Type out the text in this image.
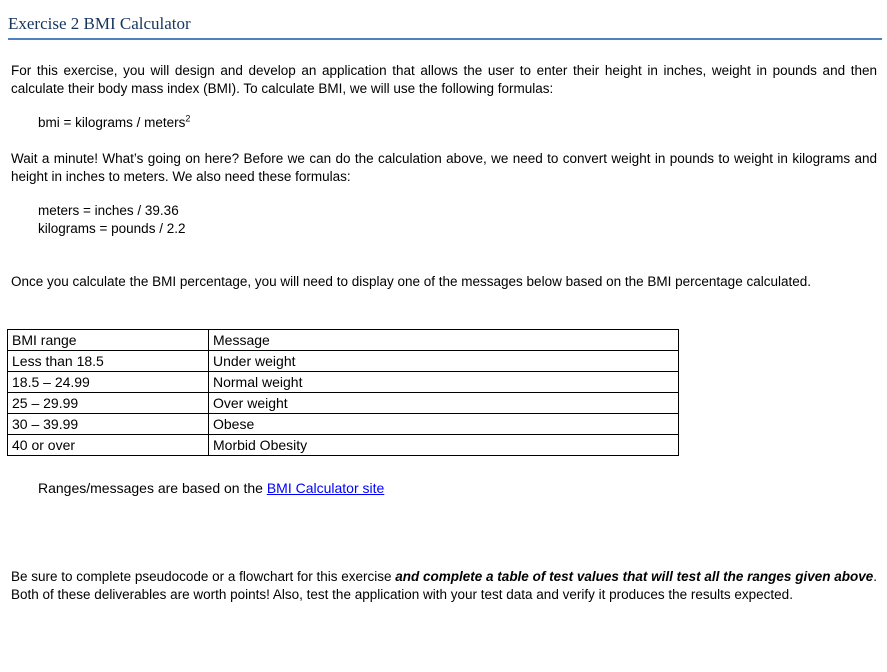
Exercise 2 BMI Calculator
For this exercise, you will design and develop an application that allows the user to enter their height in inches, weight in pounds and then calculate their body mass index (BMI). To calculate BMI, we will use the following formulas:
bmi = kilograms / meters$^2$
Wait a minute! What’s going on here? Before we can do the calculation above, we need to convert weight in pounds to weight in kilograms and height in inches to meters. We also need these formulas:
meters = inches / 39.36
kilograms = pounds / 2.2
Once you calculate the BMI percentage, you will need to display one of the messages below based on the BMI percentage calculated.
BMI range	Message
Less than 18.5	Under weight
18.5 – 24.99	Normal weight
25 – 29.99	Over weight
30 – 39.99	Obese
40 or over	Morbid Obesity
Ranges/messages are based on the BMI Calculator site
Be sure to complete pseudocode or a flowchart for this exercise and complete a table of test values that will test all the ranges given above. Both of these deliverables are worth points! Also, test the application with your test data and verify it produces the results expected.
